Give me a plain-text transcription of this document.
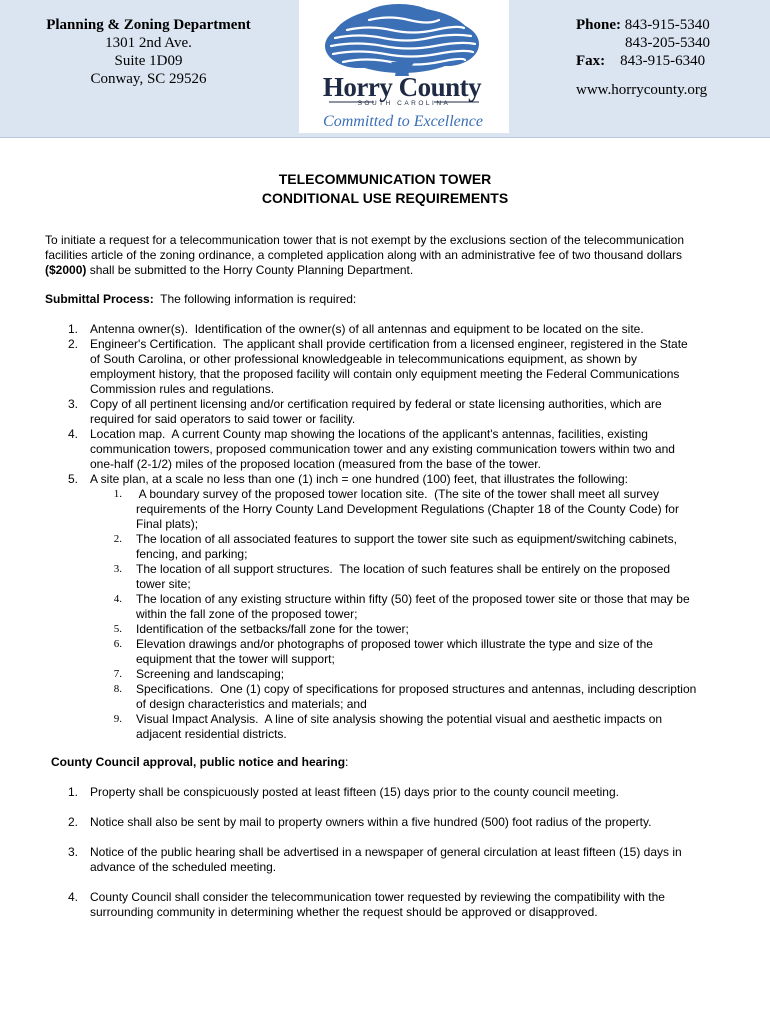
Planning & Zoning Department
1301 2nd Ave.
Suite 1D09
Conway, SC 29526	Horry County
SOUTH CAROLINA
Committed to Excellence
Phone: 843-915-5340
843-205-5340
Fax: 843-915-6340
www.horrycounty.org
TELECOMMUNICATION TOWER
CONDITIONAL USE REQUIREMENTS
To initiate a request for a telecommunication tower that is not exempt by the exclusions section of the telecommunication
facilities article of the zoning ordinance, a completed application along with an administrative fee of two thousand dollars
($2000) shall be submitted to the Horry County Planning Department.
Submittal Process:  The following information is required:
1. Antenna owner(s).  Identification of the owner(s) of all antennas and equipment to be located on the site.
2. Engineer's Certification.  The applicant shall provide certification from a licensed engineer, registered in the State
of South Carolina, or other professional knowledgeable in telecommunications equipment, as shown by
employment history, that the proposed facility will contain only equipment meeting the Federal Communications
Commission rules and regulations.
3. Copy of all pertinent licensing and/or certification required by federal or state licensing authorities, which are
required for said operators to said tower or facility.
4. Location map.  A current County map showing the locations of the applicant's antennas, facilities, existing
communication towers, proposed communication tower and any existing communication towers within two and
one-half (2-1/2) miles of the proposed location (measured from the base of the tower.
5. A site plan, at a scale no less than one (1) inch = one hundred (100) feet, that illustrates the following:
1. A boundary survey of the proposed tower location site.  (The site of the tower shall meet all survey
requirements of the Horry County Land Development Regulations (Chapter 18 of the County Code) for
Final plats);
2. The location of all associated features to support the tower site such as equipment/switching cabinets,
fencing, and parking;
3. The location of all support structures.  The location of such features shall be entirely on the proposed
tower site;
4. The location of any existing structure within fifty (50) feet of the proposed tower site or those that may be
within the fall zone of the proposed tower;
5. Identification of the setbacks/fall zone for the tower;
6. Elevation drawings and/or photographs of proposed tower which illustrate the type and size of the
equipment that the tower will support;
7. Screening and landscaping;
8. Specifications.  One (1) copy of specifications for proposed structures and antennas, including description
of design characteristics and materials; and
9. Visual Impact Analysis.  A line of site analysis showing the potential visual and aesthetic impacts on
adjacent residential districts.
County Council approval, public notice and hearing:
1. Property shall be conspicuously posted at least fifteen (15) days prior to the county council meeting.
2. Notice shall also be sent by mail to property owners within a five hundred (500) foot radius of the property.
3. Notice of the public hearing shall be advertised in a newspaper of general circulation at least fifteen (15) days in
advance of the scheduled meeting.
4. County Council shall consider the telecommunication tower requested by reviewing the compatibility with the
surrounding community in determining whether the request should be approved or disapproved.
